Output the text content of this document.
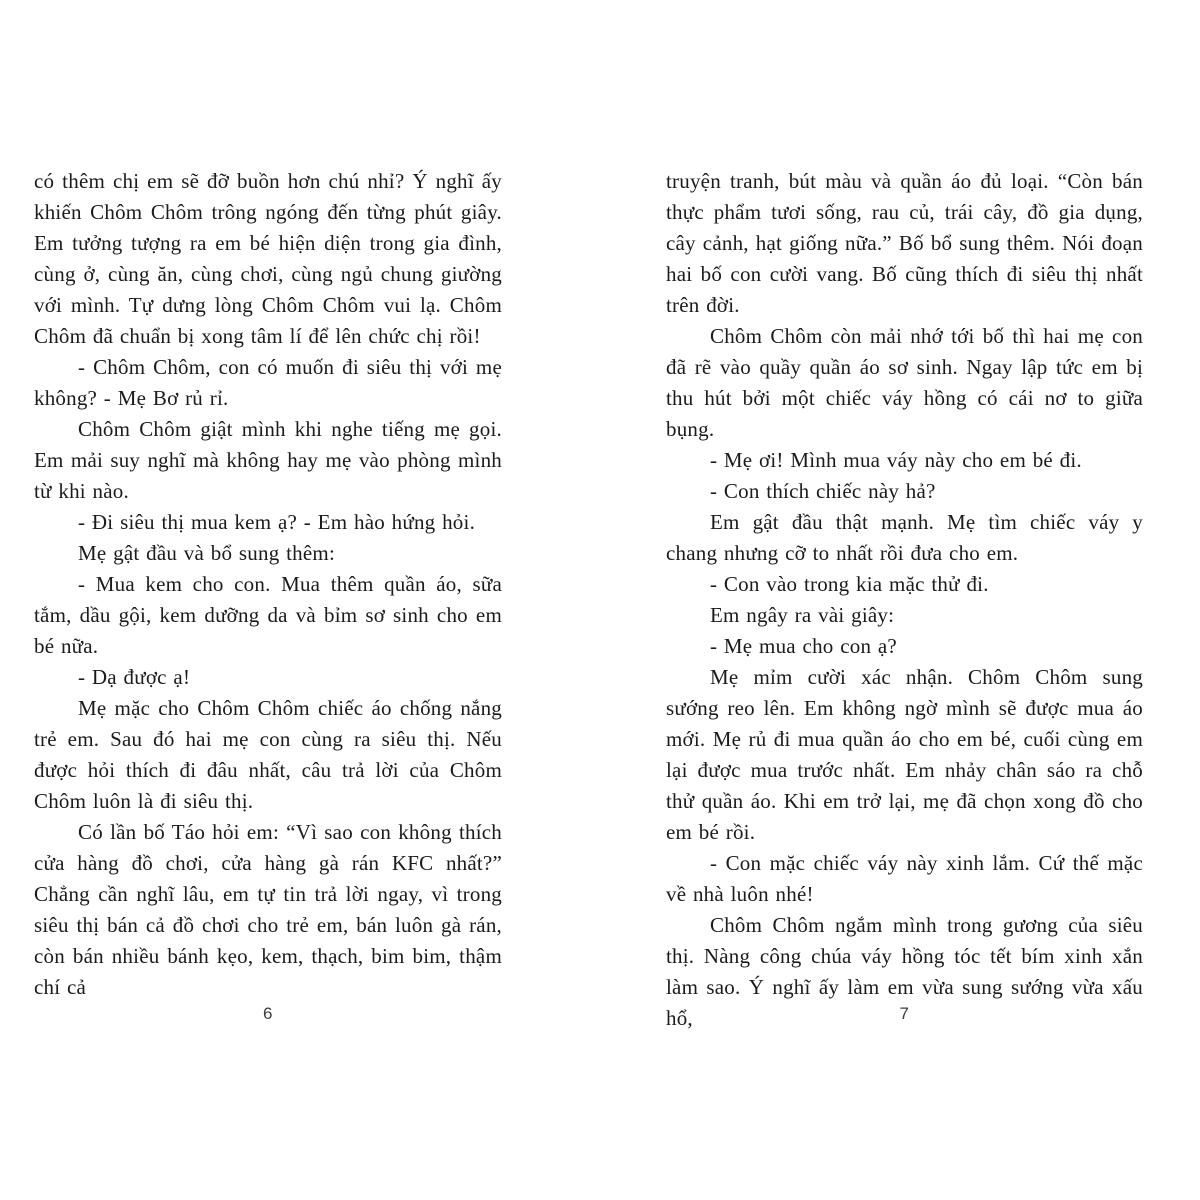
có thêm chị em sẽ đỡ buồn hơn chú nhỉ? Ý nghĩ ấy khiến Chôm Chôm trông ngóng đến từng phút giây. Em tưởng tượng ra em bé hiện diện trong gia đình, cùng ở, cùng ăn, cùng chơi, cùng ngủ chung giường với mình. Tự dưng lòng Chôm Chôm vui lạ. Chôm Chôm đã chuẩn bị xong tâm lí để lên chức chị rồi!

- Chôm Chôm, con có muốn đi siêu thị với mẹ không? - Mẹ Bơ rủ rỉ.

Chôm Chôm giật mình khi nghe tiếng mẹ gọi. Em mải suy nghĩ mà không hay mẹ vào phòng mình từ khi nào.

- Đi siêu thị mua kem ạ? - Em hào hứng hỏi.

Mẹ gật đầu và bổ sung thêm:

- Mua kem cho con. Mua thêm quần áo, sữa tắm, dầu gội, kem dưỡng da và bỉm sơ sinh cho em bé nữa.

- Dạ được ạ!

Mẹ mặc cho Chôm Chôm chiếc áo chống nắng trẻ em. Sau đó hai mẹ con cùng ra siêu thị. Nếu được hỏi thích đi đâu nhất, câu trả lời của Chôm Chôm luôn là đi siêu thị.

Có lần bố Táo hỏi em: “Vì sao con không thích cửa hàng đồ chơi, cửa hàng gà rán KFC nhất?” Chẳng cần nghĩ lâu, em tự tin trả lời ngay, vì trong siêu thị bán cả đồ chơi cho trẻ em, bán luôn gà rán, còn bán nhiều bánh kẹo, kem, thạch, bim bim, thậm chí cả

6

truyện tranh, bút màu và quần áo đủ loại. “Còn bán thực phẩm tươi sống, rau củ, trái cây, đồ gia dụng, cây cảnh, hạt giống nữa.” Bố bổ sung thêm. Nói đoạn hai bố con cười vang. Bố cũng thích đi siêu thị nhất trên đời.

Chôm Chôm còn mải nhớ tới bố thì hai mẹ con đã rẽ vào quầy quần áo sơ sinh. Ngay lập tức em bị thu hút bởi một chiếc váy hồng có cái nơ to giữa bụng.

- Mẹ ơi! Mình mua váy này cho em bé đi.

- Con thích chiếc này hả?

Em gật đầu thật mạnh. Mẹ tìm chiếc váy y chang nhưng cỡ to nhất rồi đưa cho em.

- Con vào trong kia mặc thử đi.

Em ngây ra vài giây:

- Mẹ mua cho con ạ?

Mẹ mỉm cười xác nhận. Chôm Chôm sung sướng reo lên. Em không ngờ mình sẽ được mua áo mới. Mẹ rủ đi mua quần áo cho em bé, cuối cùng em lại được mua trước nhất. Em nhảy chân sáo ra chỗ thử quần áo. Khi em trở lại, mẹ đã chọn xong đồ cho em bé rồi.

- Con mặc chiếc váy này xinh lắm. Cứ thế mặc về nhà luôn nhé!

Chôm Chôm ngắm mình trong gương của siêu thị. Nàng công chúa váy hồng tóc tết bím xinh xắn làm sao. Ý nghĩ ấy làm em vừa sung sướng vừa xấu hổ,	7
